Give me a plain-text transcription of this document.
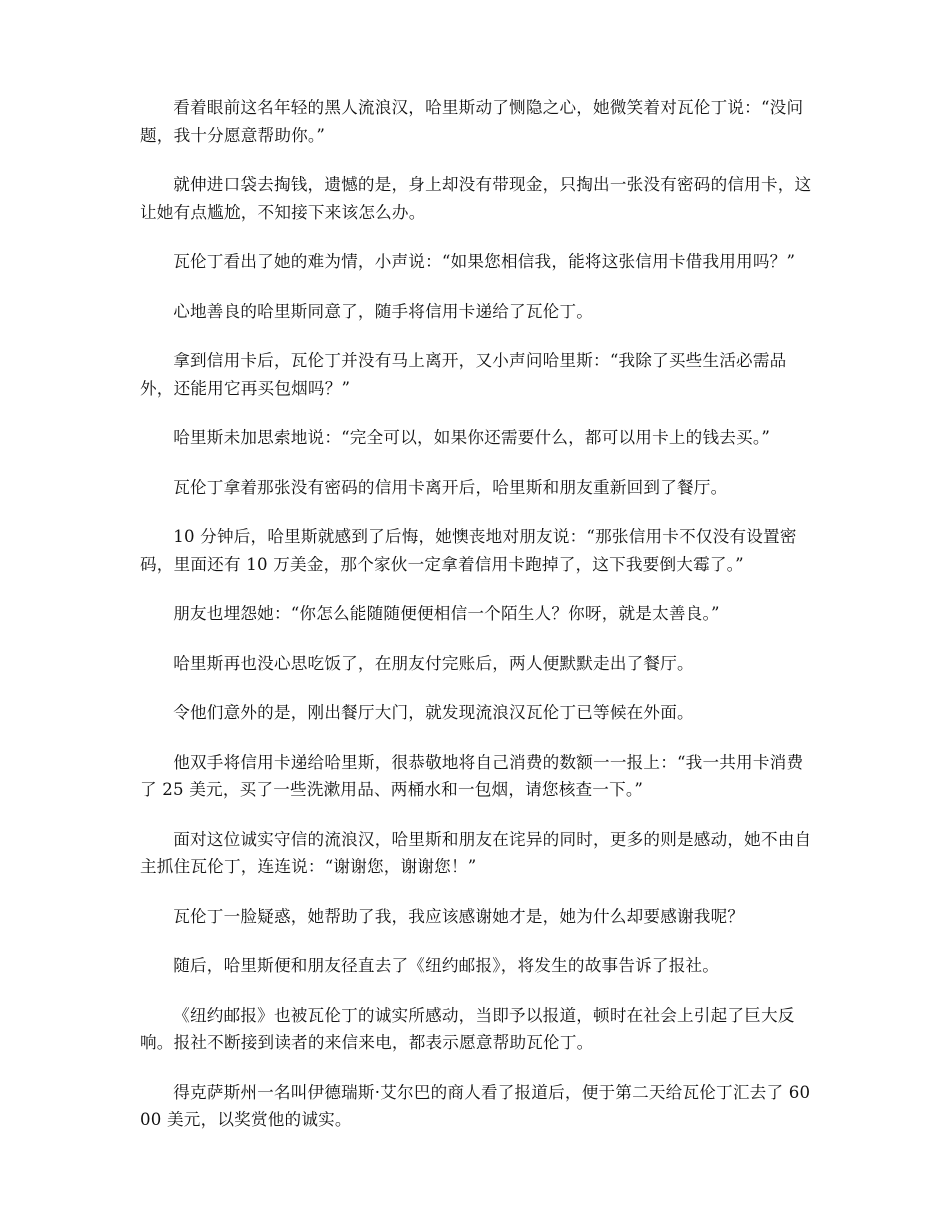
看着眼前这名年轻的黑人流浪汉，哈里斯动了恻隐之心，她微笑着对瓦伦丁说：“没问题，我十分愿意帮助你。”

就伸进口袋去掏钱，遗憾的是，身上却没有带现金，只掏出一张没有密码的信用卡，这让她有点尴尬，不知接下来该怎么办。

瓦伦丁看出了她的难为情，小声说：“如果您相信我，能将这张信用卡借我用用吗？”

心地善良的哈里斯同意了，随手将信用卡递给了瓦伦丁。

拿到信用卡后，瓦伦丁并没有马上离开，又小声问哈里斯：“我除了买些生活必需品外，还能用它再买包烟吗？”

哈里斯未加思索地说：“完全可以，如果你还需要什么，都可以用卡上的钱去买。”

瓦伦丁拿着那张没有密码的信用卡离开后，哈里斯和朋友重新回到了餐厅。

10 分钟后，哈里斯就感到了后悔，她懊丧地对朋友说：“那张信用卡不仅没有设置密码，里面还有 10 万美金，那个家伙一定拿着信用卡跑掉了，这下我要倒大霉了。”

朋友也埋怨她：“你怎么能随随便便相信一个陌生人？你呀，就是太善良。”

哈里斯再也没心思吃饭了，在朋友付完账后，两人便默默走出了餐厅。

令他们意外的是，刚出餐厅大门，就发现流浪汉瓦伦丁已等候在外面。

他双手将信用卡递给哈里斯，很恭敬地将自己消费的数额一一报上：“我一共用卡消费了 25 美元，买了一些洗漱用品、两桶水和一包烟，请您核查一下。”

面对这位诚实守信的流浪汉，哈里斯和朋友在诧异的同时，更多的则是感动，她不由自主抓住瓦伦丁，连连说：“谢谢您，谢谢您！”

瓦伦丁一脸疑惑，她帮助了我，我应该感谢她才是，她为什么却要感谢我呢？

随后，哈里斯便和朋友径直去了《纽约邮报》，将发生的故事告诉了报社。

《纽约邮报》也被瓦伦丁的诚实所感动，当即予以报道，顿时在社会上引起了巨大反响。报社不断接到读者的来信来电，都表示愿意帮助瓦伦丁。

得克萨斯州一名叫伊德瑞斯·艾尔巴的商人看了报道后，便于第二天给瓦伦丁汇去了 6000 美元，以奖赏他的诚实。
